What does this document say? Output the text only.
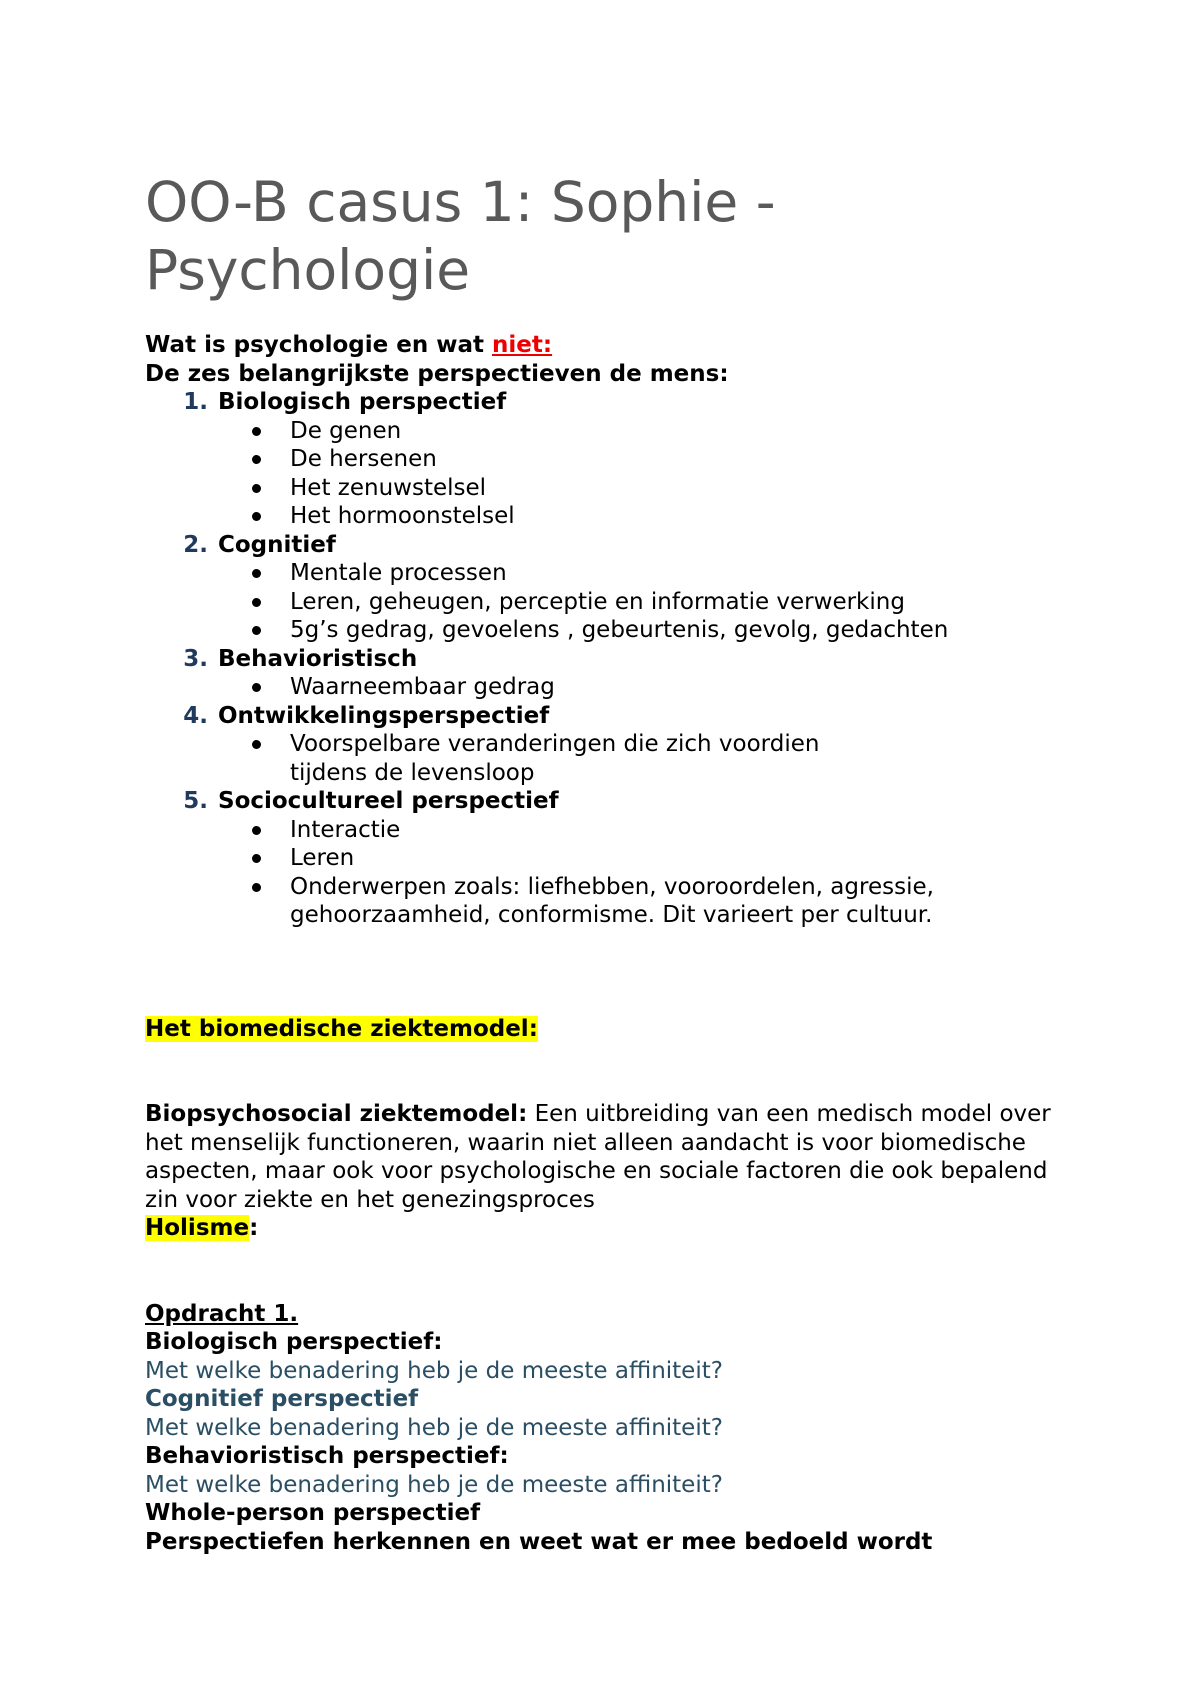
OO-B casus 1: Sophie - Psychologie
Wat is psychologie en wat niet:
De zes belangrijkste perspectieven de mens:
1. Biologisch perspectief
De genen
De hersenen
Het zenuwstelsel
Het hormoonstelsel
2. Cognitief
Mentale processen
Leren, geheugen, perceptie en informatie verwerking
5g’s gedrag, gevoelens , gebeurtenis, gevolg, gedachten
3. Behavioristisch
Waarneembaar gedrag
4. Ontwikkelingsperspectief
Voorspelbare veranderingen die zich voordien tijdens de levensloop
5. Sociocultureel perspectief
Interactie
Leren
Onderwerpen zoals: liefhebben, vooroordelen, agressie, gehoorzaamheid, conformisme. Dit varieert per cultuur.
Het biomedische ziektemodel:
Biopsychosocial ziektemodel: Een uitbreiding van een medisch model over het menselijk functioneren, waarin niet alleen aandacht is voor biomedische aspecten, maar ook voor psychologische en sociale factoren die ook bepalend zin voor ziekte en het genezingsproces
Holisme:
Opdracht 1.
Biologisch perspectief:
Met welke benadering heb je de meeste affiniteit?
Cognitief perspectief
Met welke benadering heb je de meeste affiniteit?
Behavioristisch perspectief:
Met welke benadering heb je de meeste affiniteit?
Whole-person perspectief
Perspectiefen herkennen en weet wat er mee bedoeld wordt
